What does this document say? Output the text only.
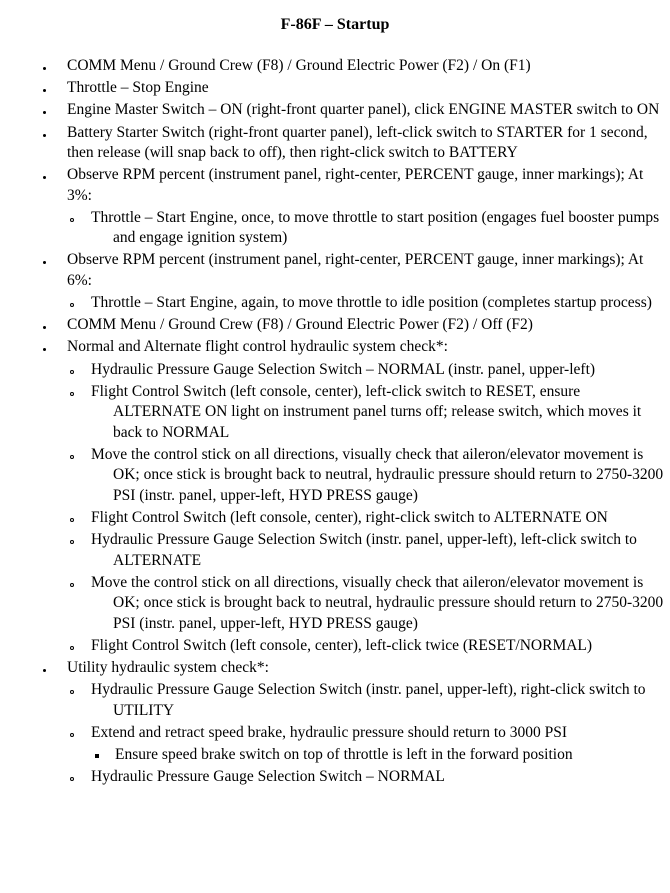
F-86F – Startup
COMM Menu / Ground Crew (F8) / Ground Electric Power (F2) / On (F1)
Throttle – Stop Engine
Engine Master Switch – ON (right-front quarter panel), click ENGINE MASTER switch to ON
Battery Starter Switch (right-front quarter panel), left-click switch to STARTER for 1 second, then release (will snap back to off), then right-click switch to BATTERY
Observe RPM percent (instrument panel, right-center, PERCENT gauge, inner markings); At 3%:
Throttle – Start Engine, once, to move throttle to start position (engages fuel booster pumps and engage ignition system)
Observe RPM percent (instrument panel, right-center, PERCENT gauge, inner markings); At 6%:
Throttle – Start Engine, again, to move throttle to idle position (completes startup process)
COMM Menu / Ground Crew (F8) / Ground Electric Power (F2) / Off (F2)
Normal and Alternate flight control hydraulic system check*:
Hydraulic Pressure Gauge Selection Switch – NORMAL (instr. panel, upper-left)
Flight Control Switch (left console, center), left-click switch to RESET, ensure ALTERNATE ON light on instrument panel turns off; release switch, which moves it back to NORMAL
Move the control stick on all directions, visually check that aileron/elevator movement is OK; once stick is brought back to neutral, hydraulic pressure should return to 2750-3200 PSI (instr. panel, upper-left, HYD PRESS gauge)
Flight Control Switch (left console, center), right-click switch to ALTERNATE ON
Hydraulic Pressure Gauge Selection Switch (instr. panel, upper-left), left-click switch to ALTERNATE
Move the control stick on all directions, visually check that aileron/elevator movement is OK; once stick is brought back to neutral, hydraulic pressure should return to 2750-3200 PSI (instr. panel, upper-left, HYD PRESS gauge)
Flight Control Switch (left console, center), left-click twice (RESET/NORMAL)
Utility hydraulic system check*:
Hydraulic Pressure Gauge Selection Switch (instr. panel, upper-left), right-click switch to UTILITY
Extend and retract speed brake, hydraulic pressure should return to 3000 PSI
Ensure speed brake switch on top of throttle is left in the forward position
Hydraulic Pressure Gauge Selection Switch – NORMAL
